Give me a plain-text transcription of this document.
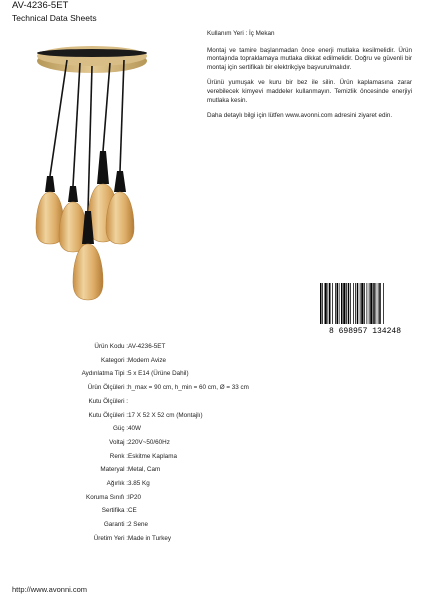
AV-4236-5ET
Technical Data Sheets

Kullanım Yeri : İç Mekan

Montaj ve tamire başlanmadan önce enerji mutlaka kesilmelidir. Ürün montajında topraklamaya mutlaka dikkat edilmelidir. Doğru ve güvenli bir montaj için sertifikalı bir elektrikçiye başvurulmalıdır.

Ürünü yumuşak ve kuru bir bez ile silin. Ürün kaplamasına zarar verebilecek kimyevi maddeler kullanmayın. Temizlik öncesinde enerjiyi mutlaka kesin.

Daha detaylı bilgi için lütfen www.avonni.com adresini ziyaret edin.

8 698957 134248
Ürün Kodu : AV-4236-5ET
Kategori : Modern Avize
Aydınlatma Tipi : 5 x E14 (Ürüne Dahil)
Ürün Ölçüleri : h_max = 90 cm, h_min = 60 cm, Ø = 33 cm
Kutu Ölçüleri :
Kutu Ölçüleri : 17 X 52 X 52 cm (Montajlı)
Güç : 40W
Voltaj : 220V~50/60Hz
Renk : Eskitme Kaplama
Materyal : Metal, Cam
Ağırlık : 3.85 Kg
Koruma Sınıfı : IP20
Sertifika : CE
Garanti : 2 Sene
Üretim Yeri : Made in Turkey
http://www.avonni.com
